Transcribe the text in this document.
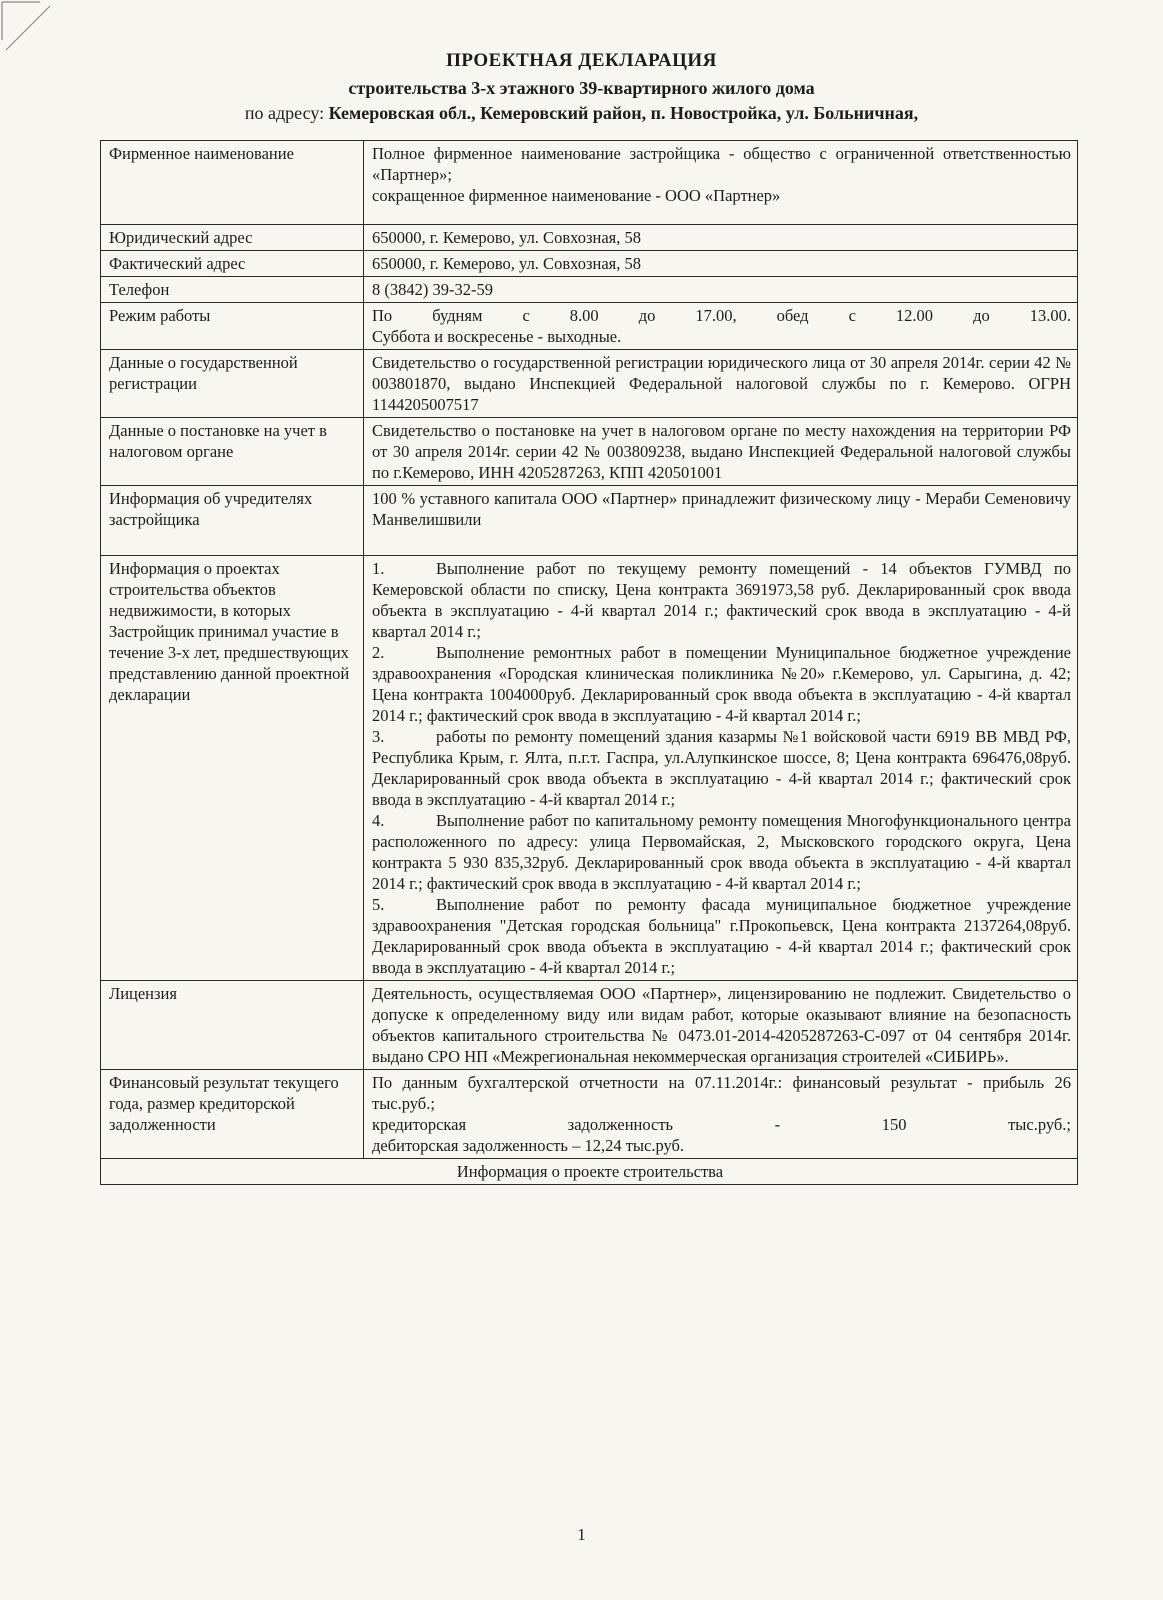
ПРОЕКТНАЯ ДЕКЛАРАЦИЯ

строительства 3-х этажного 39-квартирного жилого дома

по адресу: Кемеровская обл., Кемеровский район, п. Новостройка, ул. Больничная,

Фирменное наименование	Полное фирменное наименование застройщика - общество с ограниченной ответственностью «Партнер»;

сокращенное фирменное наименование - ООО «Партнер»

Юридический адрес	650000, г. Кемерово, ул. Совхозная, 58
Фактический адрес	650000, г. Кемерово, ул. Совхозная, 58
Телефон	8 (3842) 39-32-59
Режим работы	По будням с 8.00 до 17.00, обед с 12.00 до 13.00.

Суббота и воскресенье - выходные.

Данные о государственной регистрации	Свидетельство о государственной регистрации юридического лица от 30 апреля 2014г. серии 42 № 003801870, выдано Инспекцией Федеральной налоговой службы по г. Кемерово. ОГРН 1144205007517
Данные о постановке на учет в налоговом органе	Свидетельство о постановке на учет в налоговом органе по месту нахождения на территории РФ от 30 апреля 2014г. серии 42 № 003809238, выдано Инспекцией Федеральной налоговой службы по г.Кемерово, ИНН 4205287263, КПП 420501001
Информация об учредителях застройщика	100 % уставного капитала ООО «Партнер» принадлежит физическому лицу - Мераби Семеновичу Манвелишвили
Информация о проектах строительства объектов недвижимости, в которых Застройщик принимал участие в течение 3-х лет, предшествующих представлению данной проектной декларации	1. Выполнение работ по текущему ремонту помещений - 14 объектов ГУМВД по Кемеровской области по списку, Цена контракта 3691973,58 руб. Декларированный срок ввода объекта в эксплуатацию - 4-й квартал 2014 г.; фактический срок ввода в эксплуатацию - 4-й квартал 2014 г.;

2. Выполнение ремонтных работ в помещении Муниципальное бюджетное учреждение здравоохранения «Городская клиническая поликлиника №20» г.Кемерово, ул. Сарыгина, д. 42; Цена контракта 1004000руб. Декларированный срок ввода объекта в эксплуатацию - 4-й квартал 2014 г.; фактический срок ввода в эксплуатацию - 4-й квартал 2014 г.;

3. работы по ремонту помещений здания казармы №1 войсковой части 6919 ВВ МВД РФ, Республика Крым, г. Ялта, п.г.т. Гаспра, ул.Алупкинское шоссе, 8; Цена контракта 696476,08руб. Декларированный срок ввода объекта в эксплуатацию - 4-й квартал 2014 г.; фактический срок ввода в эксплуатацию - 4-й квартал 2014 г.;

4. Выполнение работ по капитальному ремонту помещения Многофункционального центра расположенного по адресу: улица Первомайская, 2, Мысковского городского округа, Цена контракта 5 930 835,32руб. Декларированный срок ввода объекта в эксплуатацию - 4-й квартал 2014 г.; фактический срок ввода в эксплуатацию - 4-й квартал 2014 г.;

5. Выполнение работ по ремонту фасада муниципальное бюджетное учреждение здравоохранения "Детская городская больница" г.Прокопьевск, Цена контракта 2137264,08руб. Декларированный срок ввода объекта в эксплуатацию - 4-й квартал 2014 г.; фактический срок ввода в эксплуатацию - 4-й квартал 2014 г.;

Лицензия	Деятельность, осуществляемая ООО «Партнер», лицензированию не подлежит. Свидетельство о допуске к определенному виду или видам работ, которые оказывают влияние на безопасность объектов капитального строительства № 0473.01-2014-4205287263-С-097 от 04 сентября 2014г. выдано СРО НП «Межрегиональная некоммерческая организация строителей «СИБИРЬ».
Финансовый результат текущего года, размер кредиторской задолженности	По данным бухгалтерской отчетности на 07.11.2014г.: финансовый результат - прибыль 26 тыс.руб.;

кредиторская задолженность - 150 тыс.руб.;

дебиторская задолженность – 12,24 тыс.руб.

Информация о проекте строительства	
1
